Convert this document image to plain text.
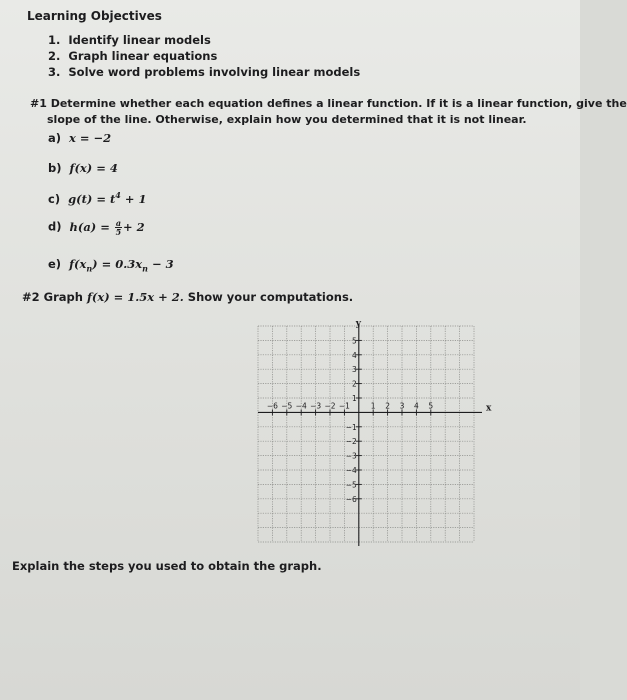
Learning Objectives
1. Identify linear models
2. Graph linear equations
3. Solve word problems involving linear models
#1 Determine whether each equation defines a linear function. If it is a linear function, give the
slope of the line. Otherwise, explain how you determined that it is not linear.
a) x = −2
b) f(x) = 4
c) $g(t) = t^4 + 1$
d) $h(a) = \frac{a}{5} + 2$
e) $f(x_n) = 0.3x_n - 3$
#2 Graph f(x) = 1.5x + 2. Show your computations.
−6 −5 −4 −3 −2 −1	1 2 3 4 5
5
4
3
2
1
−1
−2
−3
−4
−5
−6
x
y
Explain the steps you used to obtain the graph.
